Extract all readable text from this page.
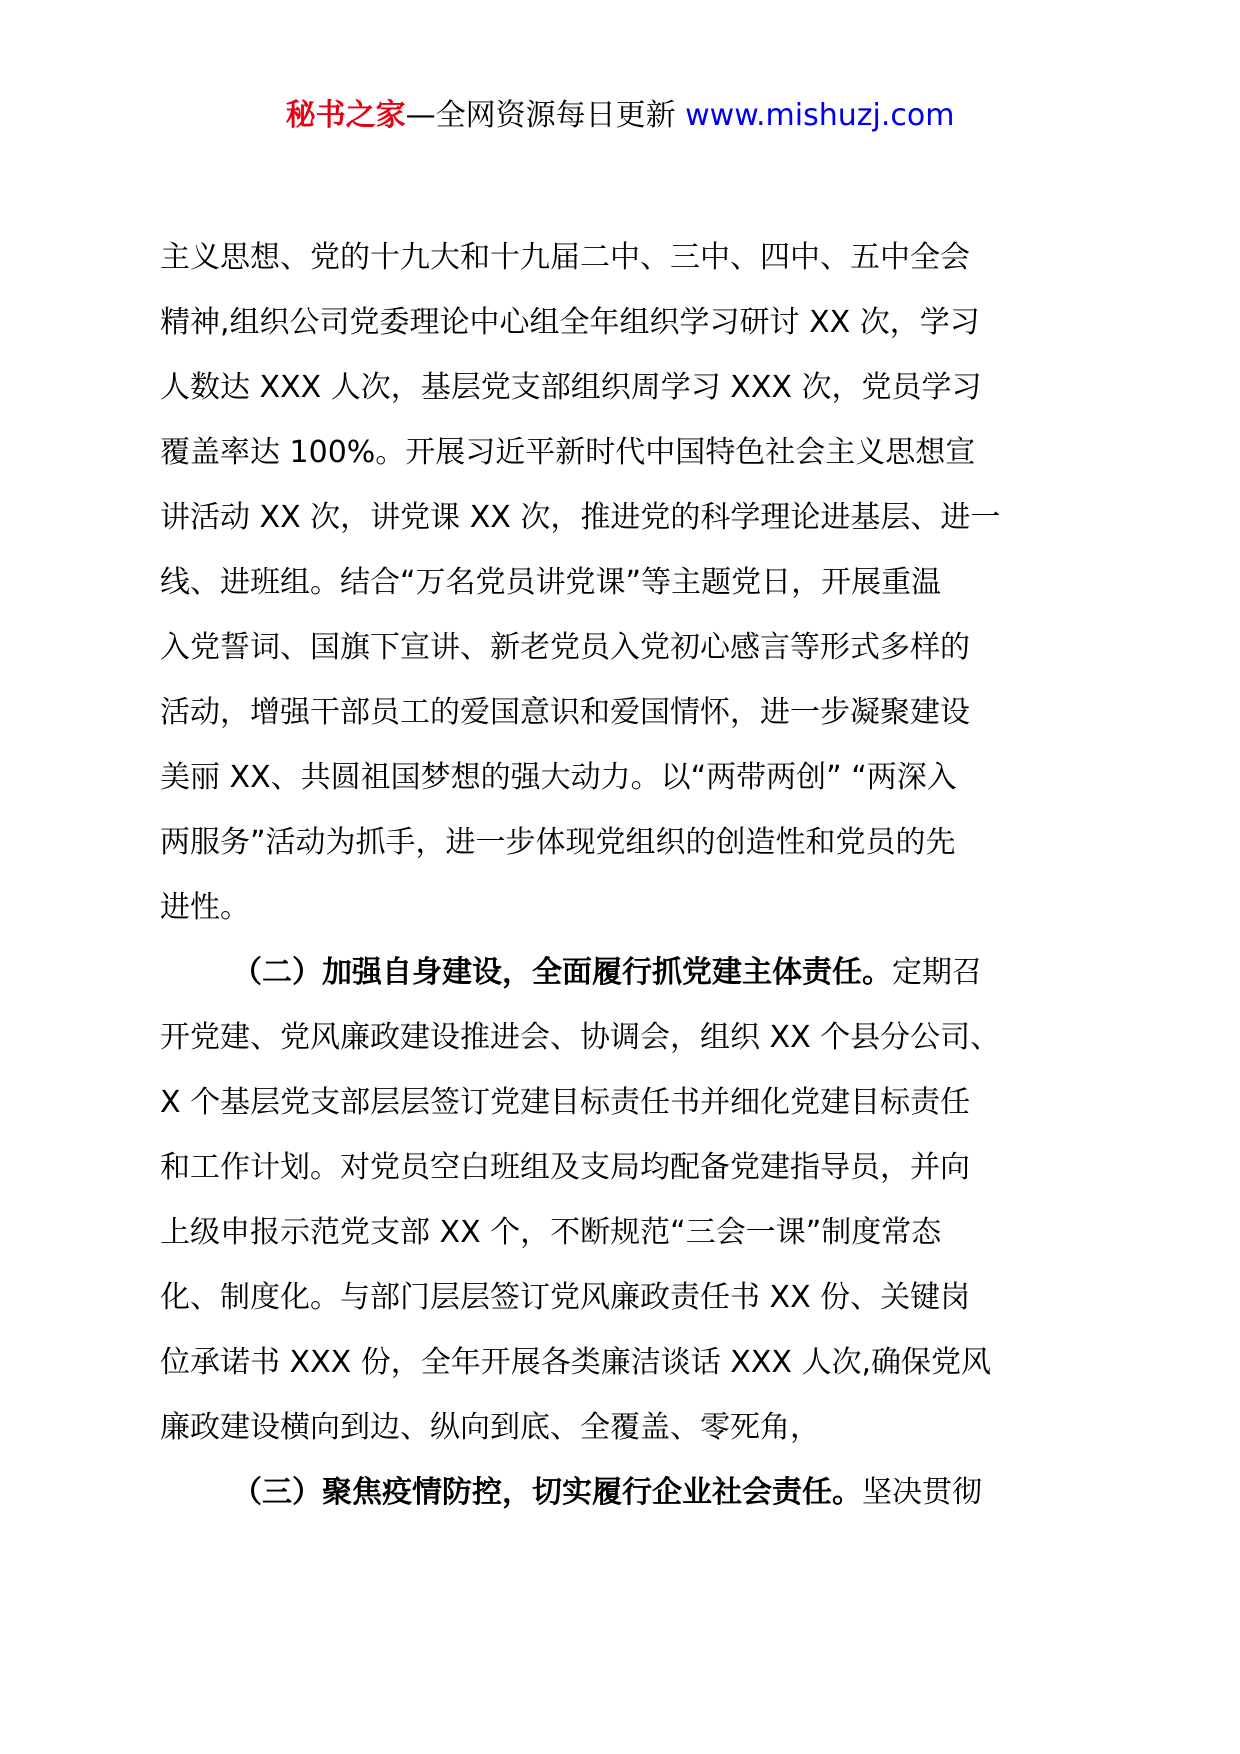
秘书之家—全网资源每日更新 www.mishuzj.com
主义思想、党的十九大和十九届二中、三中、四中、五中全会
精神,组织公司党委理论中心组全年组织学习研讨 XX 次，学习
人数达 XXX 人次，基层党支部组织周学习 XXX 次，党员学习
覆盖率达 100%。开展习近平新时代中国特色社会主义思想宣
讲活动 XX 次，讲党课 XX 次，推进党的科学理论进基层、进一
线、进班组。结合“万名党员讲党课”等主题党日，开展重温
入党誓词、国旗下宣讲、新老党员入党初心感言等形式多样的
活动，增强干部员工的爱国意识和爱国情怀，进一步凝聚建设
美丽 XX、共圆祖国梦想的强大动力。以“两带两创” “两深入
两服务”活动为抓手，进一步体现党组织的创造性和党员的先
进性。
（二）加强自身建设，全面履行抓党建主体责任。定期召
开党建、党风廉政建设推进会、协调会，组织 XX 个县分公司、
X 个基层党支部层层签订党建目标责任书并细化党建目标责任
和工作计划。对党员空白班组及支局均配备党建指导员，并向
上级申报示范党支部 XX 个，不断规范“三会一课”制度常态
化、制度化。与部门层层签订党风廉政责任书 XX 份、关键岗
位承诺书 XXX 份，全年开展各类廉洁谈话 XXX 人次,确保党风
廉政建设横向到边、纵向到底、全覆盖、零死角，
（三）聚焦疫情防控，切实履行企业社会责任。坚决贯彻
